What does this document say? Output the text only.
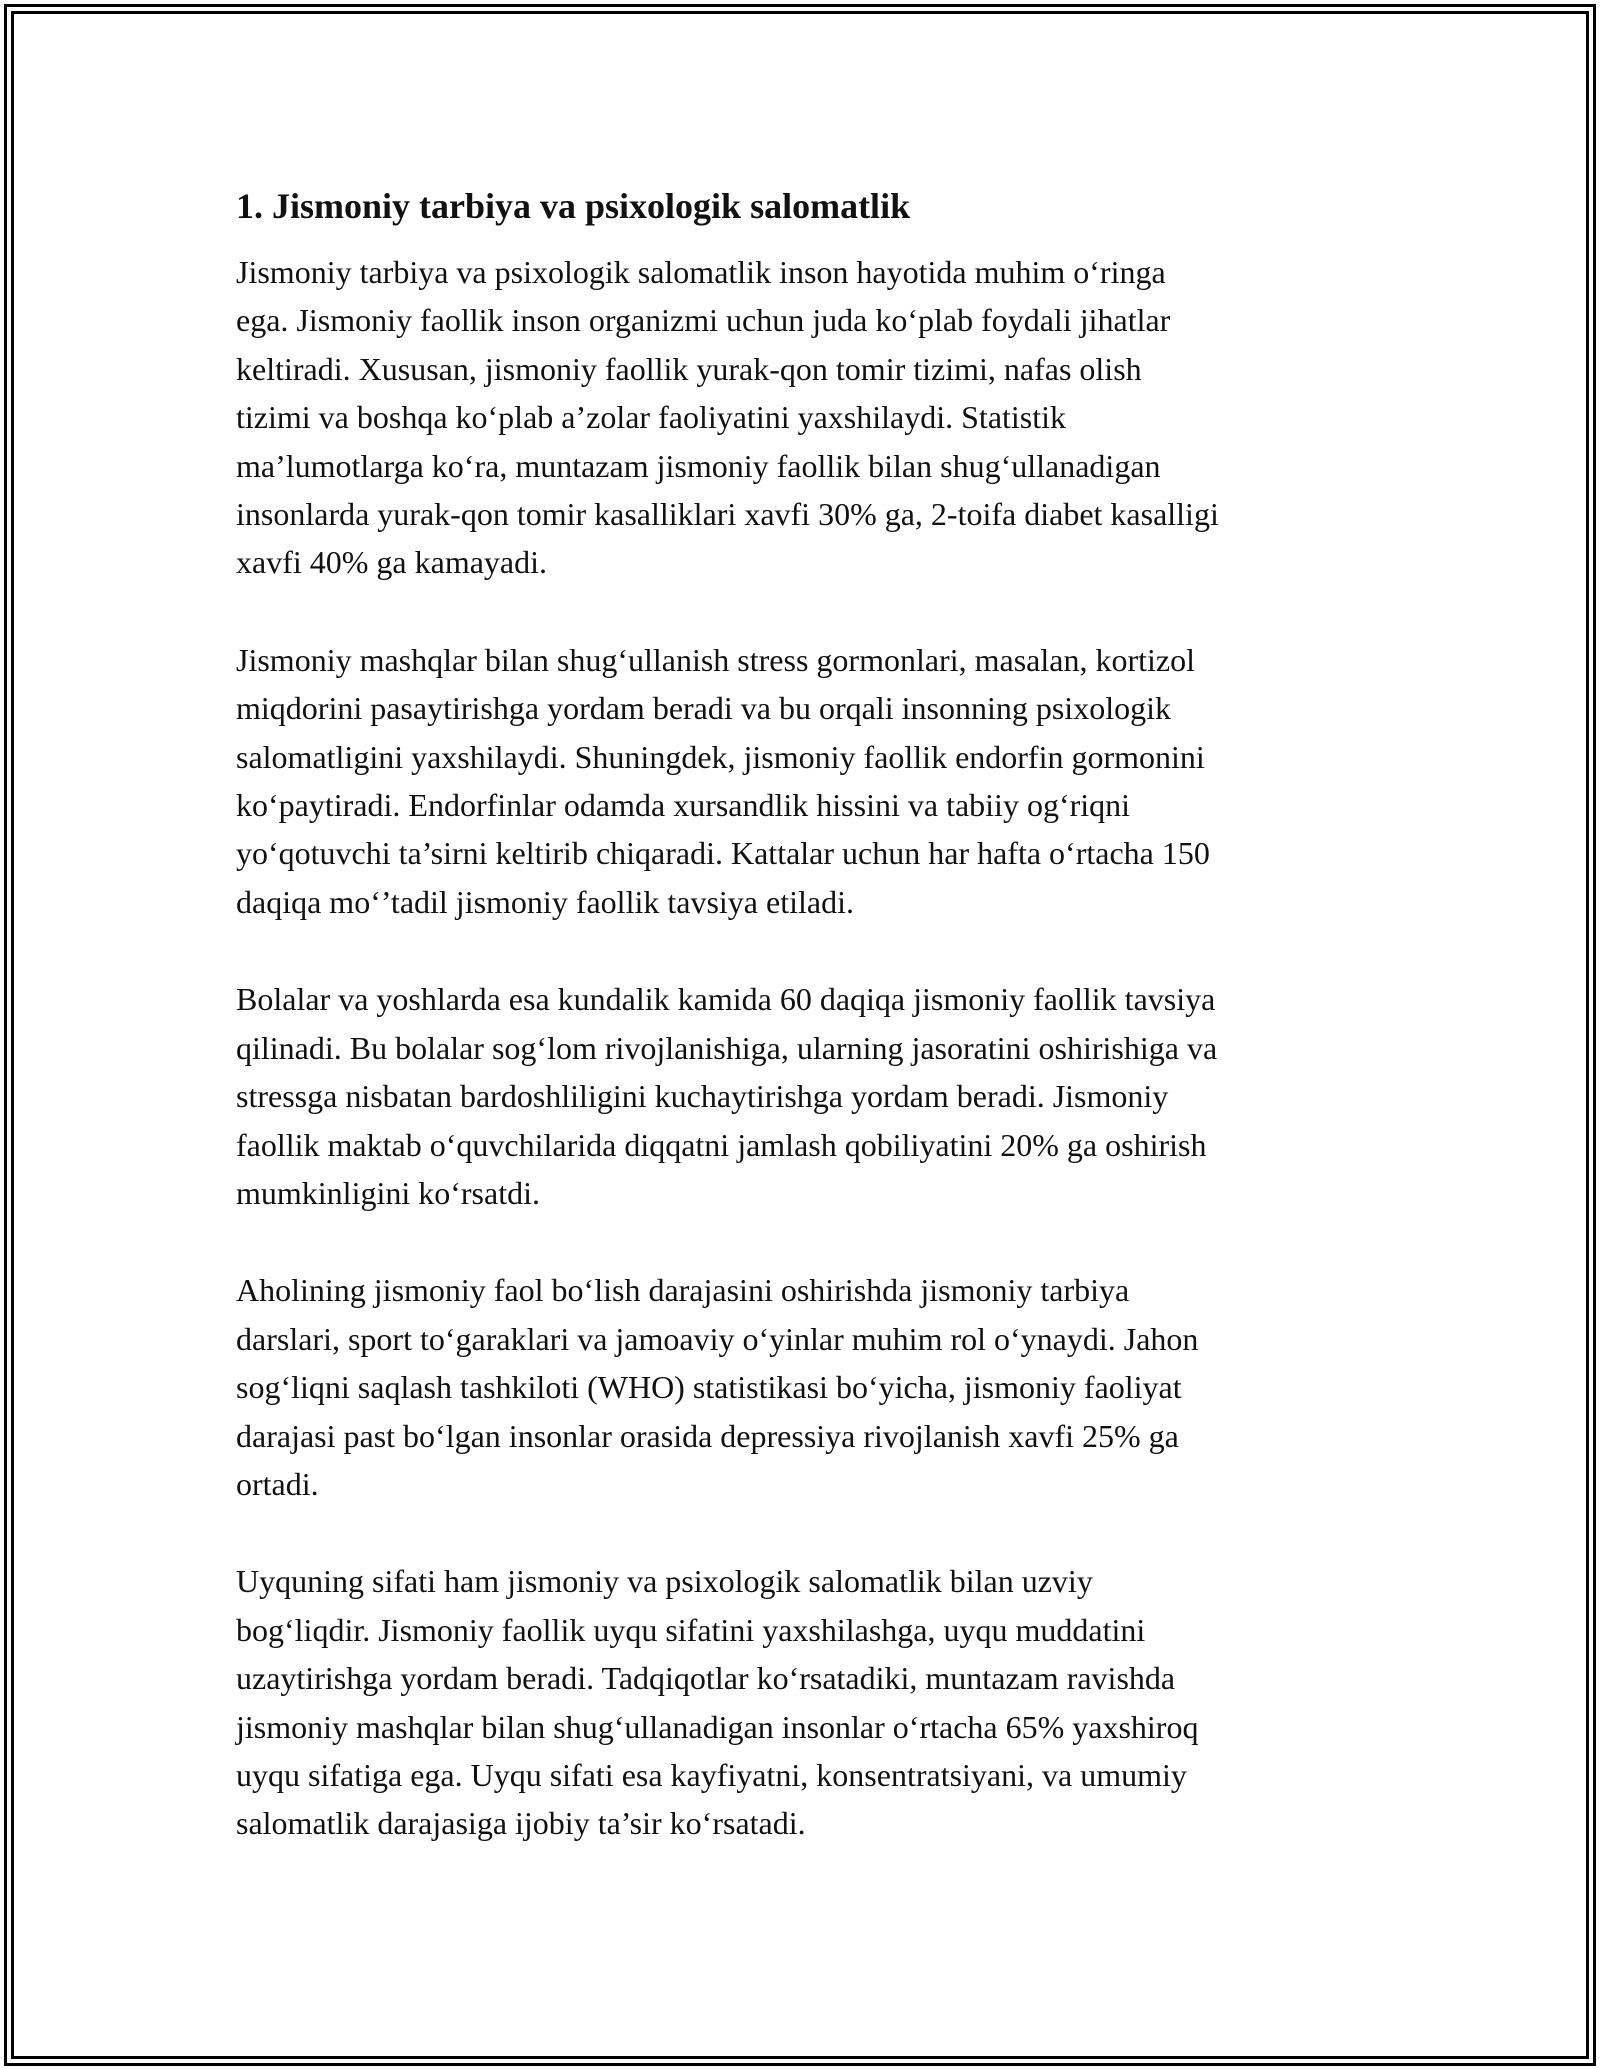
1. Jismoniy tarbiya va psixologik salomatlik

Jismoniy tarbiya va psixologik salomatlik inson hayotida muhim o‘ringa
ega. Jismoniy faollik inson organizmi uchun juda ko‘plab foydali jihatlar
keltiradi. Xususan, jismoniy faollik yurak-qon tomir tizimi, nafas olish
tizimi va boshqa ko‘plab a’zolar faoliyatini yaxshilaydi. Statistik
ma’lumotlarga ko‘ra, muntazam jismoniy faollik bilan shug‘ullanadigan
insonlarda yurak-qon tomir kasalliklari xavfi 30% ga, 2-toifa diabet kasalligi
xavfi 40% ga kamayadi.

Jismoniy mashqlar bilan shug‘ullanish stress gormonlari, masalan, kortizol
miqdorini pasaytirishga yordam beradi va bu orqali insonning psixologik
salomatligini yaxshilaydi. Shuningdek, jismoniy faollik endorfin gormonini
ko‘paytiradi. Endorfinlar odamda xursandlik hissini va tabiiy og‘riqni
yo‘qotuvchi ta’sirni keltirib chiqaradi. Kattalar uchun har hafta o‘rtacha 150
daqiqa mo‘’tadil jismoniy faollik tavsiya etiladi.

Bolalar va yoshlarda esa kundalik kamida 60 daqiqa jismoniy faollik tavsiya
qilinadi. Bu bolalar sog‘lom rivojlanishiga, ularning jasoratini oshirishiga va
stressga nisbatan bardoshliligini kuchaytirishga yordam beradi. Jismoniy
faollik maktab o‘quvchilarida diqqatni jamlash qobiliyatini 20% ga oshirish
mumkinligini ko‘rsatdi.

Aholining jismoniy faol bo‘lish darajasini oshirishda jismoniy tarbiya
darslari, sport to‘garaklari va jamoaviy o‘yinlar muhim rol o‘ynaydi. Jahon
sog‘liqni saqlash tashkiloti (WHO) statistikasi bo‘yicha, jismoniy faoliyat
darajasi past bo‘lgan insonlar orasida depressiya rivojlanish xavfi 25% ga
ortadi.

Uyquning sifati ham jismoniy va psixologik salomatlik bilan uzviy
bog‘liqdir. Jismoniy faollik uyqu sifatini yaxshilashga, uyqu muddatini
uzaytirishga yordam beradi. Tadqiqotlar ko‘rsatadiki, muntazam ravishda
jismoniy mashqlar bilan shug‘ullanadigan insonlar o‘rtacha 65% yaxshiroq
uyqu sifatiga ega. Uyqu sifati esa kayfiyatni, konsentratsiyani, va umumiy
salomatlik darajasiga ijobiy ta’sir ko‘rsatadi.
